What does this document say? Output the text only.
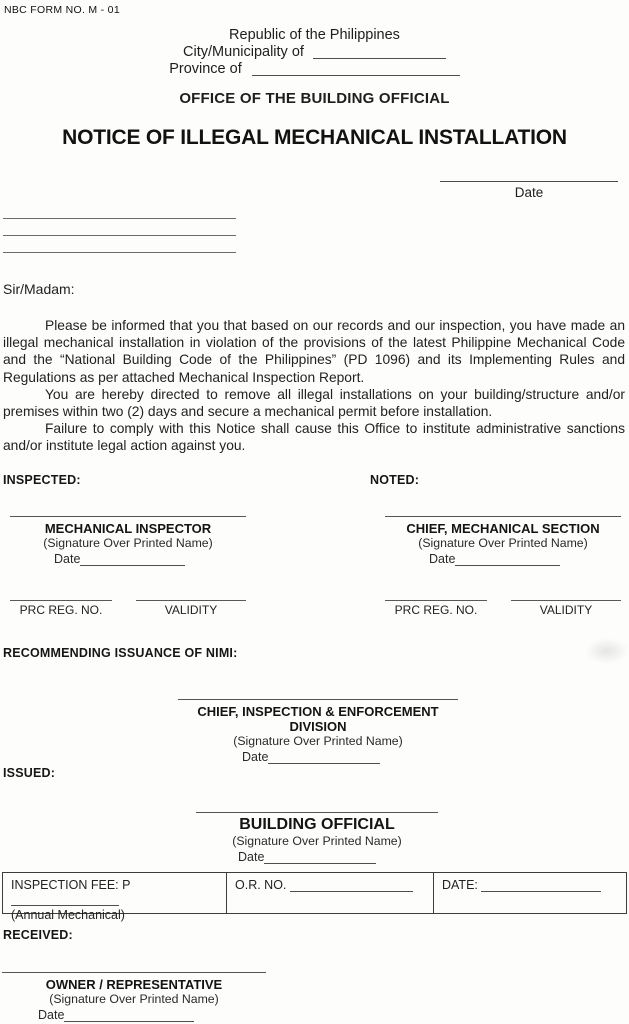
NBC FORM NO. M - 01
Republic of the Philippines
City/Municipality of
Province of
OFFICE OF THE BUILDING OFFICIAL
NOTICE OF ILLEGAL MECHANICAL INSTALLATION
Date
Sir/Madam:

Please be informed that you that based on our records and our inspection, you have made an illegal mechanical installation in violation of the provisions of the latest Philippine Mechanical Code and the “National Building Code of the Philippines” (PD 1096) and its Implementing Rules and Regulations as per attached Mechanical Inspection Report.

You are hereby directed to remove all illegal installations on your building/structure and/or premises within two (2) days and secure a mechanical permit before installation.

Failure to comply with this Notice shall cause this Office to institute administrative sanctions and/or institute legal action against you.

INSPECTED:	NOTED:
MECHANICAL INSPECTOR
(Signature Over Printed Name)
Date
PRC REG. NO.	VALIDITY
CHIEF, MECHANICAL SECTION
(Signature Over Printed Name)
Date
PRC REG. NO.	VALIDITY
RECOMMENDING ISSUANCE OF NIMI:
CHIEF, INSPECTION & ENFORCEMENT DIVISION
(Signature Over Printed Name)
Date
ISSUED:
BUILDING OFFICIAL
(Signature Over Printed Name)
Date
INSPECTION FEE: P
(Annual Mechanical)
O.R. NO.	DATE:
RECEIVED:
OWNER / REPRESENTATIVE
(Signature Over Printed Name)
Date
